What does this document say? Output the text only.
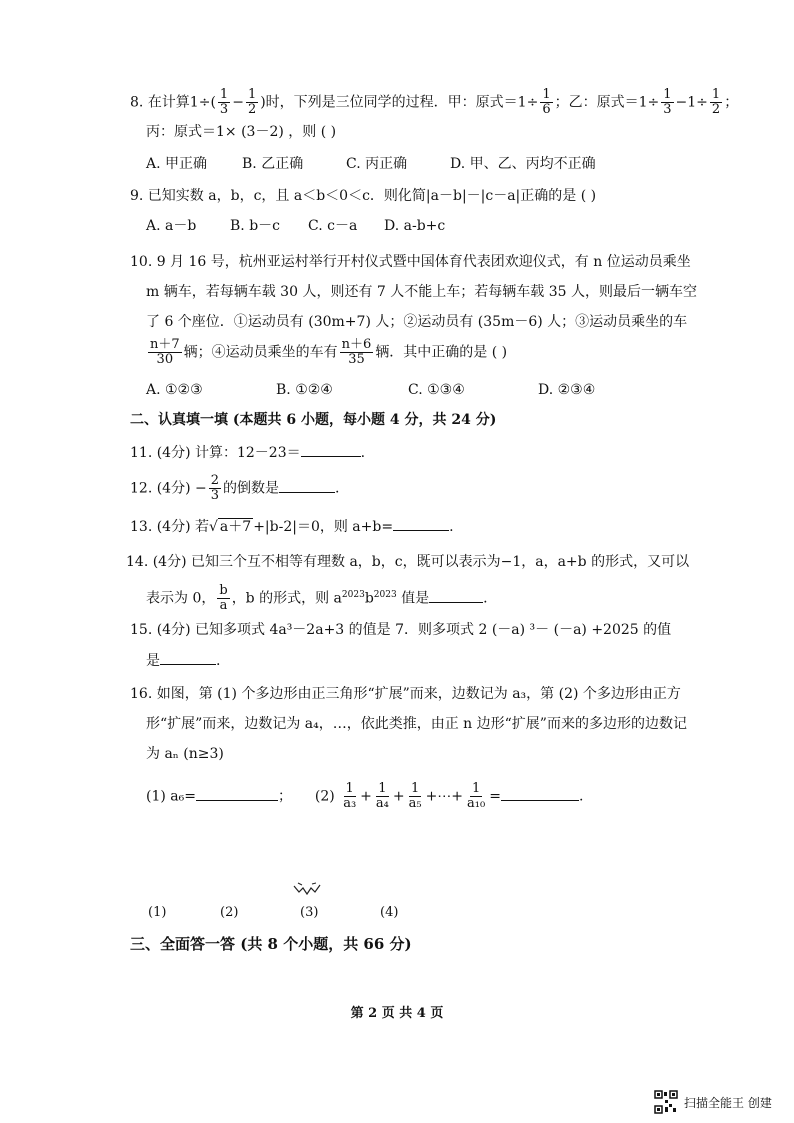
8. 在计算$1\div( \frac{1}{3} - \frac{1}{2}$ )时，下列是三位同学的过程．甲：原式$=1\div \frac{1}{6}$ ；乙：原式$=1\div \frac{1}{3} -1\div \frac{1}{2}$ ；
丙：原式＝1× (3－2) ，则 ( )
A. 甲正确 B. 乙正确	C. 丙正确	D. 甲、乙、丙均不正确
9. 已知实数 a，b，c，且 a＜b＜0＜c．则化简|a－b|－|c－a|正确的是 ( )
A. a－b B. b－c C. c－a D. a-b+c
10. 9 月 16 号，杭州亚运村举行开村仪式暨中国体育代表团欢迎仪式，有 n 位运动员乘坐
m 辆车，若每辆车载 30 人，则还有 7 人不能上车；若每辆车载 35 人，则最后一辆车空
了 6 个座位．①运动员有 (30m+7) 人；②运动员有 (35m－6) 人；③运动员乘坐的车
$\frac{n+7}{30}$ 辆；④运动员乘坐的车有 $\frac{n+6}{35}$ 辆．其中正确的是 ( )
A. ①②③	B. ①②④	C. ①③④	D. ②③④
二、认真填一填 (本题共 6 小题，每小题 4 分，共 24 分)
11. (4分) 计算：12－23＝	.
12. (4分) − $\frac{2}{3}$ 的倒数是	.
13. (4分) 若√ a＋7 +|b-2|＝0，则 a+b=	.
14. (4分) 已知三个互不相等有理数 a，b，c，既可以表示为−1，a，a+b 的形式，又可以
表示为 0， $\frac{b}{a}$ ，b 的形式，则 $a^{2023}b^{2023}$ 值是	.
15. (4分) 已知多项式 4a³－2a+3 的值是 7．则多项式 2 (－a) ³－ (－a) +2025 的值
是	.
16. 如图，第 (1) 个多边形由正三角形“扩展”而来，边数记为 a₃，第 (2) 个多边形由正方
形“扩展”而来，边数记为 a₄，…，依此类推，由正 n 边形“扩展”而来的多边形的边数记
为 aₙ (n≥3)
(1) a₆=	； $(2) \frac{1}{\text{a₃}} + \frac{1}{\text{a₄}} + \frac{1}{\text{a₅}}$ +⋯+ $\frac{1}{\text{a₁₀}}$ =	.
(1)	(2)	(3)	(4)
三、全面答一答 (共 8 个小题，共 66 分)
第 2 页 共 4 页
扫描全能王 创建
